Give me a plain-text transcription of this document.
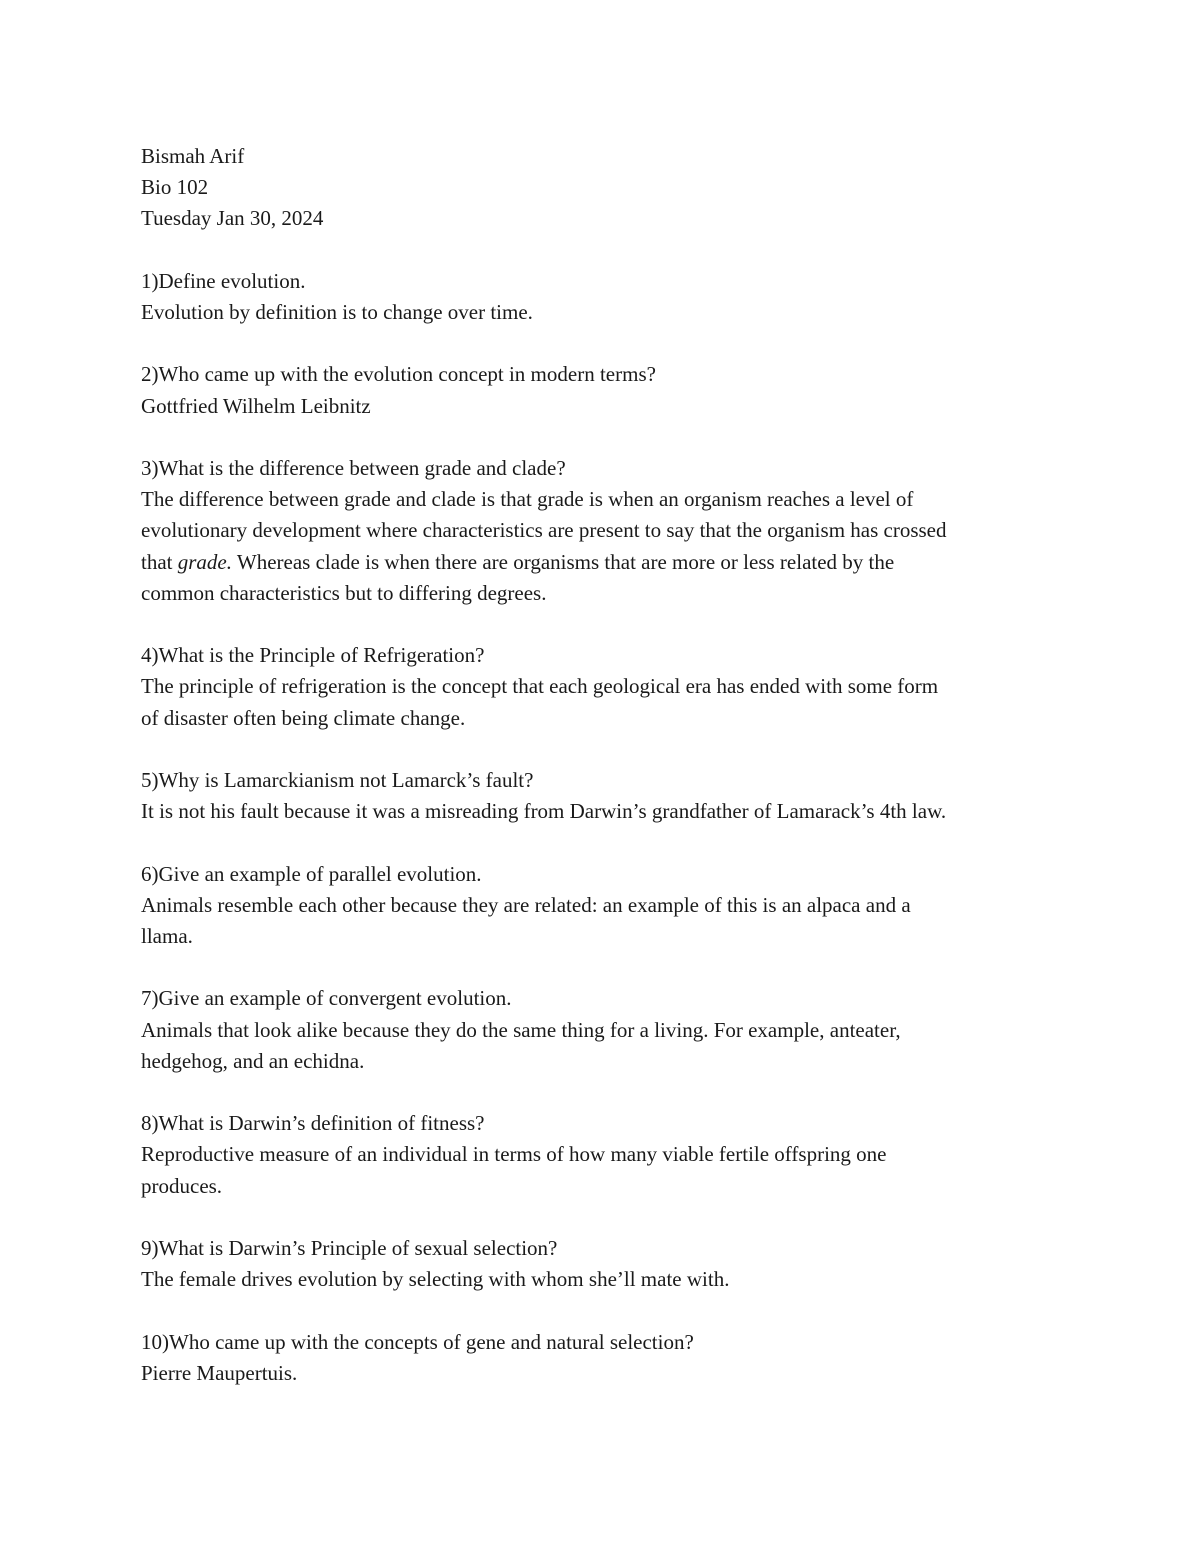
Bismah Arif
Bio 102
Tuesday Jan 30, 2024
1)Define evolution.
Evolution by definition is to change over time.
2)Who came up with the evolution concept in modern terms?
Gottfried Wilhelm Leibnitz
3)What is the difference between grade and clade?
The difference between grade and clade is that grade is when an organism reaches a level of
evolutionary development where characteristics are present to say that the organism has crossed
that grade. Whereas clade is when there are organisms that are more or less related by the
common characteristics but to differing degrees.
4)What is the Principle of Refrigeration?
The principle of refrigeration is the concept that each geological era has ended with some form
of disaster often being climate change.
5)Why is Lamarckianism not Lamarck’s fault?
It is not his fault because it was a misreading from Darwin’s grandfather of Lamarack’s 4th law.
6)Give an example of parallel evolution.
Animals resemble each other because they are related: an example of this is an alpaca and a
llama.
7)Give an example of convergent evolution.
Animals that look alike because they do the same thing for a living. For example, anteater,
hedgehog, and an echidna.
8)What is Darwin’s definition of fitness?
Reproductive measure of an individual in terms of how many viable fertile offspring one
produces.
9)What is Darwin’s Principle of sexual selection?
The female drives evolution by selecting with whom she’ll mate with.
10)Who came up with the concepts of gene and natural selection?
Pierre Maupertuis.
